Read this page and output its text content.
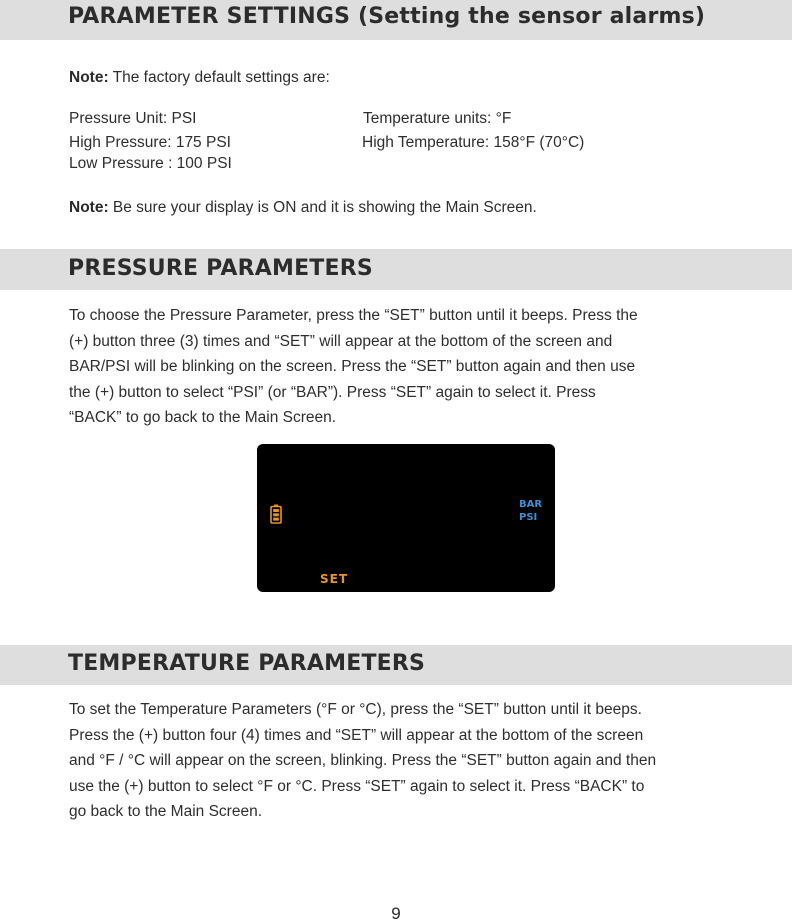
PARAMETER SETTINGS (Setting the sensor alarms)
Note: The factory default settings are:
Pressure Unit: PSI	Temperature units: °F
High Pressure: 175 PSI	High Temperature: 158°F (70°C)
Low Pressure : 100 PSI
Note: Be sure your display is ON and it is showing the Main Screen.
PRESSURE PARAMETERS
To choose the Pressure Parameter, press the “SET” button until it beeps. Press the
(+) button three (3) times and “SET” will appear at the bottom of the screen and
BAR/PSI will be blinking on the screen. Press the “SET” button again and then use
the (+) button to select “PSI” (or “BAR”). Press “SET” again to select it. Press
“BACK” to go back to the Main Screen.
BAR
PSI
SET
TEMPERATURE PARAMETERS
To set the Temperature Parameters (°F or °C), press the “SET” button until it beeps.
Press the (+) button four (4) times and “SET” will appear at the bottom of the screen
and °F / °C will appear on the screen, blinking. Press the “SET” button again and then
use the (+) button to select °F or °C. Press “SET” again to select it. Press “BACK” to
go back to the Main Screen.
9
